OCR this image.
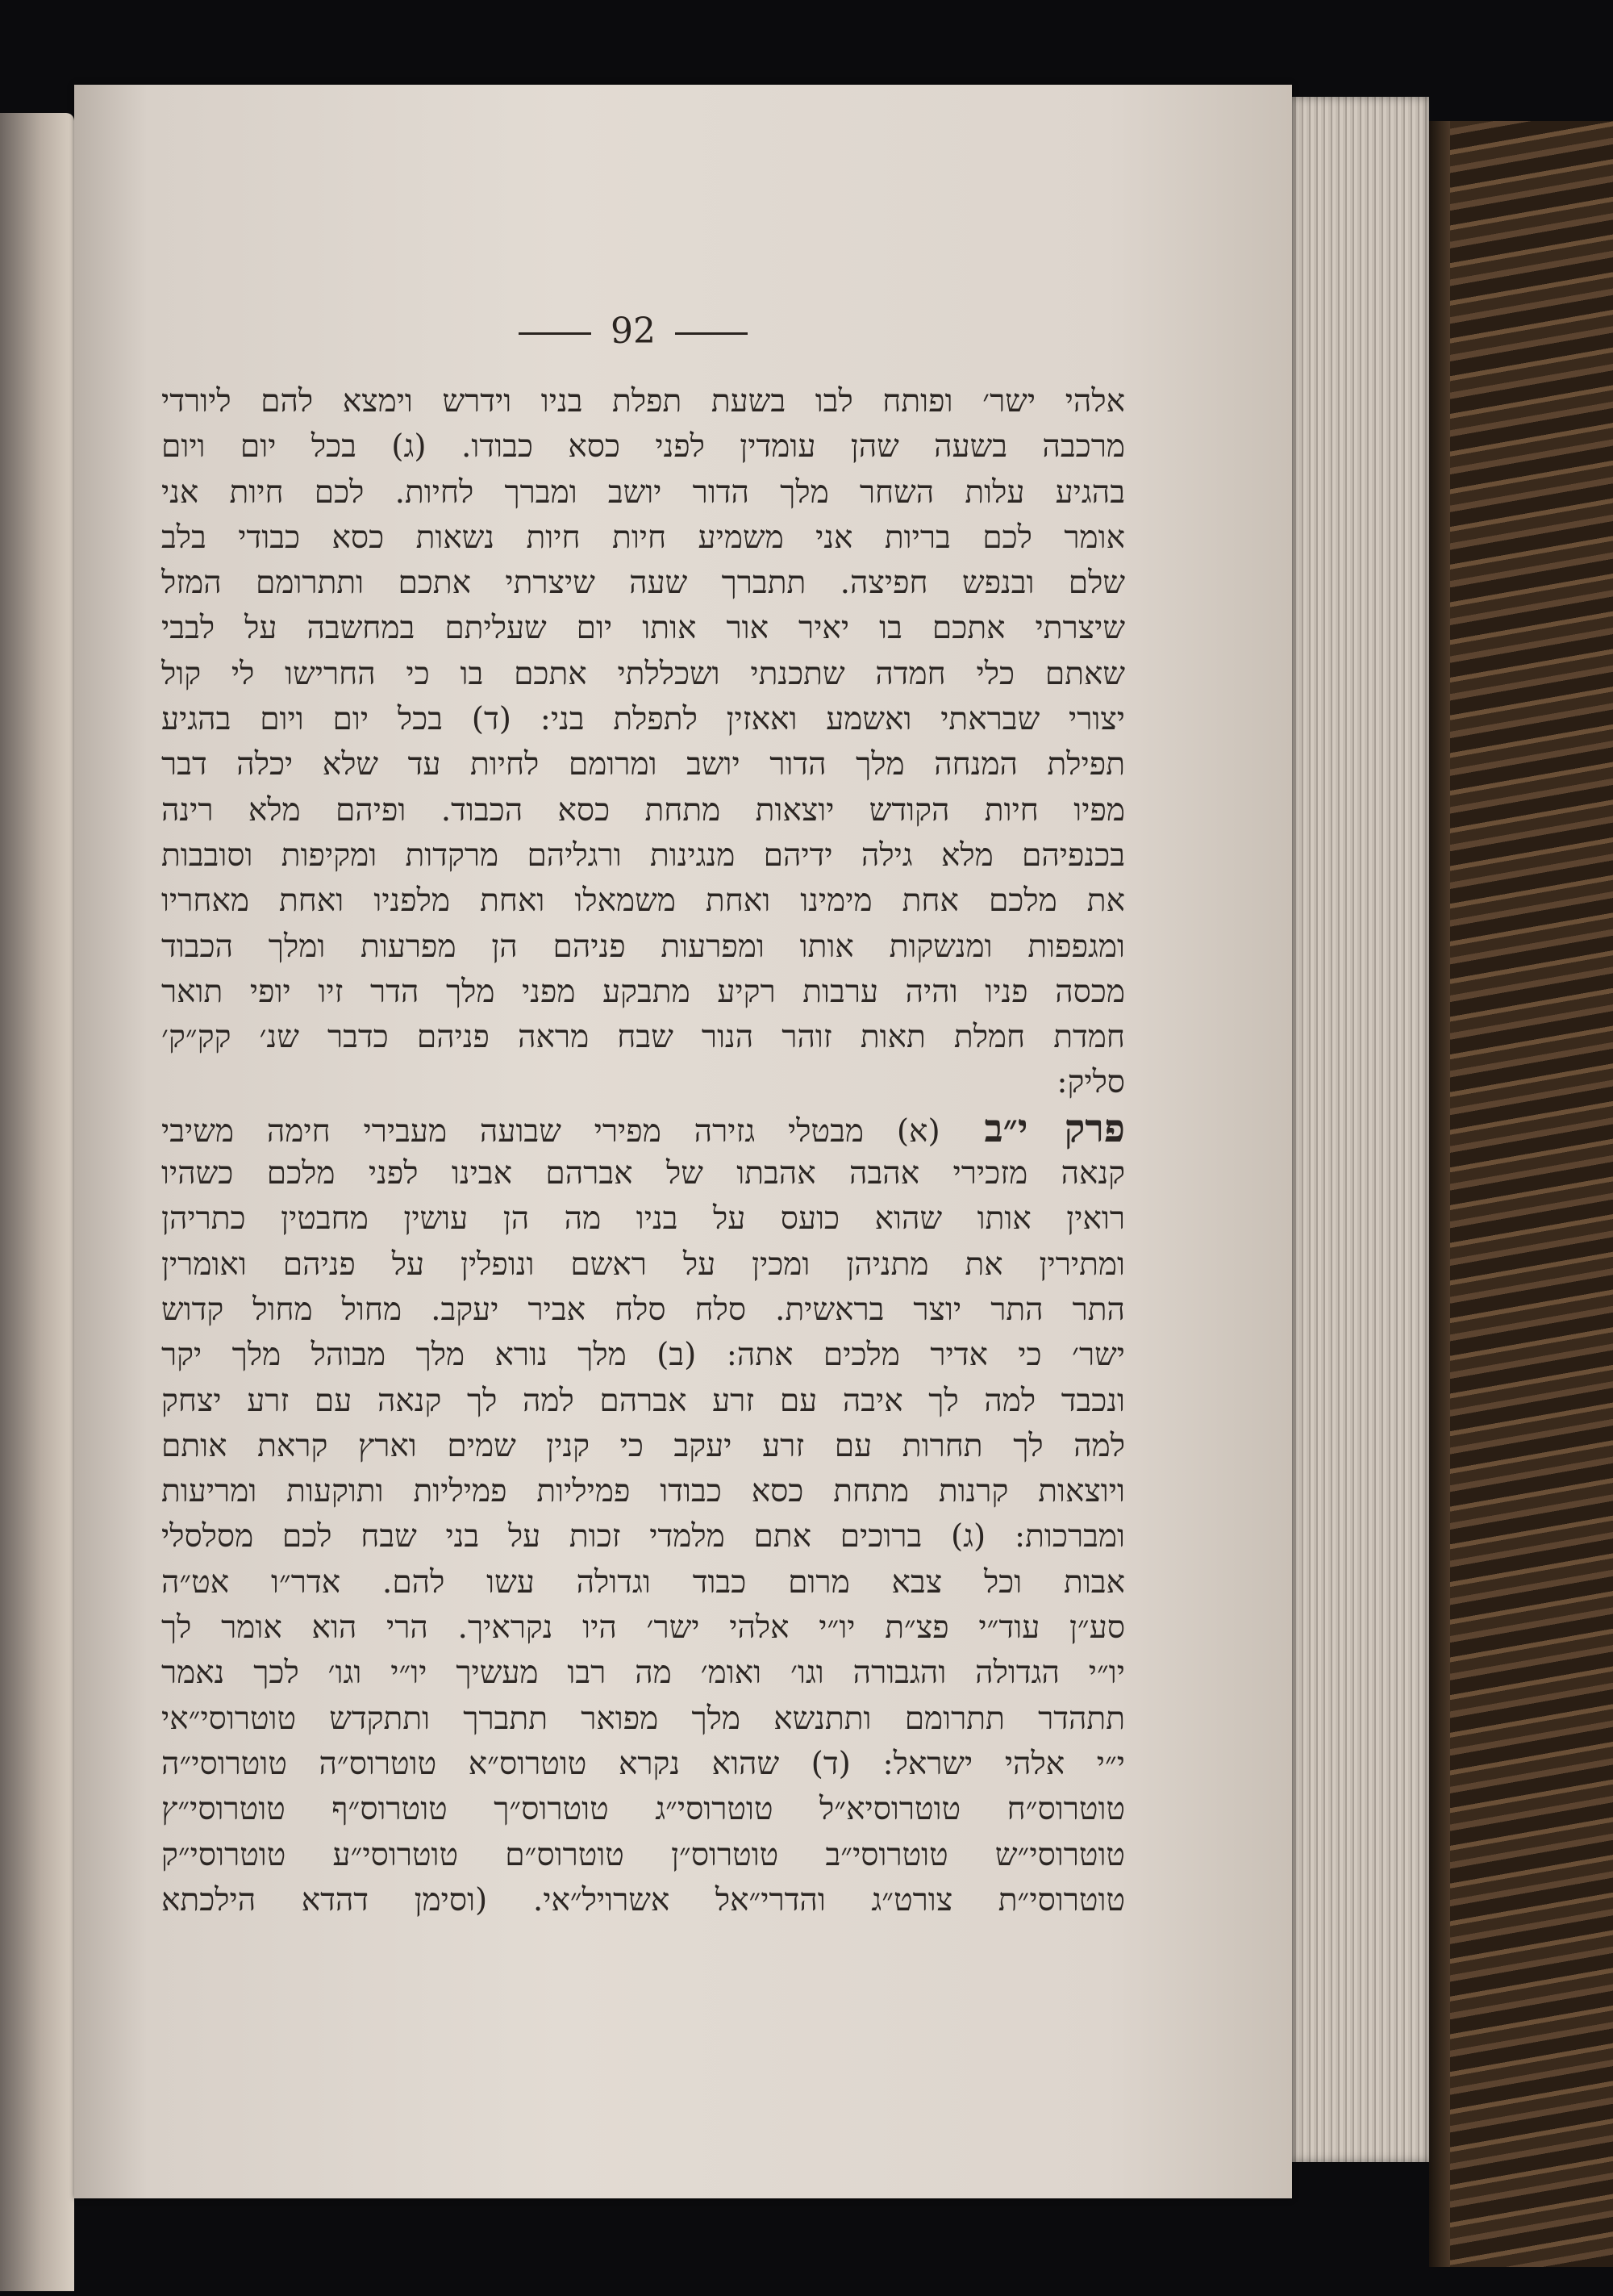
92
אלהי ישר׳ ופותח לבו בשעת תפלת בניו וידרש וימצא להם ליורדי
מרכבה בשעה שהן עומדין לפני כסא כבודו. (ג) בכל יום ויום
בהגיע עלות השחר מלך הדור יושב ומברך לחיות. לכם חיות אני
אומר לכם בריות אני משמיע חיות חיות נשאות כסא כבודי בלב
שלם ובנפש חפיצה. תתברך שעה שיצרתי אתכם ותתרומם המזל
שיצרתי אתכם בו יאיר אור אותו יום שעליתם במחשבה על לבבי
שאתם כלי חמדה שתכנתי ושכללתי אתכם בו כי החרישו לי קול
יצורי שבראתי ואשמע ואאזין לתפלת בני: (ד) בכל יום ויום בהגיע
תפילת המנחה מלך הדור יושב ומרומם לחיות עד שלא יכלה דבר
מפיו חיות הקודש יוצאות מתחת כסא הכבוד. ופיהם מלא רינה
בכנפיהם מלא גילה ידיהם מנגינות ורגליהם מרקדות ומקיפות וסובבות
את מלכם אחת מימינו ואחת משמאלו ואחת מלפניו ואחת מאחריו
ומגפפות ומנשקות אותו ומפרעות פניהם הן מפרעות ומלך הכבוד
מכסה פניו והיה ערבות רקיע מתבקע מפני מלך הדר זיו יופי תואר
חמדת חמלת תאות זוהר הנור שבח מראה פניהם כדבר שנ׳ קק״ק׳
סליק:
פרק י״ב (א) מבטלי גזירה מפירי שבועה מעבירי חימה משיבי
קנאה מזכירי אהבה אהבתו של אברהם אבינו לפני מלכם כשהיו
רואין אותו שהוא כועס על בניו מה הן עושין מחבטין כתריהן
ומתירין את מתניהן ומכין על ראשם ונופלין על פניהם ואומרין
התר התר יוצר בראשית. סלח סלח אביר יעקב. מחול מחול קדוש
ישר׳ כי אדיר מלכים אתה: (ב) מלך נורא מלך מבוהל מלך יקר
ונכבד למה לך איבה עם זרע אברהם למה לך קנאה עם זרע יצחק
למה לך תחרות עם זרע יעקב כי קנין שמים וארץ קראת אותם
ויוצאות קרנות מתחת כסא כבודו פמיליות פמיליות ותוקעות ומריעות
ומברכות: (ג) ברוכים אתם מלמדי זכות על בני שבח לכם מסלסלי
אבות וכל צבא מרום כבוד וגדולה עשו להם. אדר״ו אט״ה
סע״ן עוד״י פצ״ת יו״י אלהי ישר׳ היו נקראיך. הרי הוא אומר לך
יו״י הגדולה והגבורה וגו׳ ואומ׳ מה רבו מעשיך יו״י וגו׳ לכך נאמר
תתהדר תתרומם ותתנשא מלך מפואר תתברך ותתקדש טוטרוסי״אי
י״י אלהי ישראל: (ד) שהוא נקרא טוטרוס״א טוטרוס״ה טוטרוסי״ה
טוטרוס״ח טוטרוסיא״ל טוטרוסי״ג טוטרוס״ך טוטרוס״ף טוטרוסי״ץ
טוטרוסי״ש טוטרוסי״ב טוטרוס״ן טוטרוס״ם טוטרוסי״ע טוטרוסי״ק
טוטרוסי״ת צורט״ג והדרי״אל אשרויל״אי. (וסימן דהדא הילכתא
